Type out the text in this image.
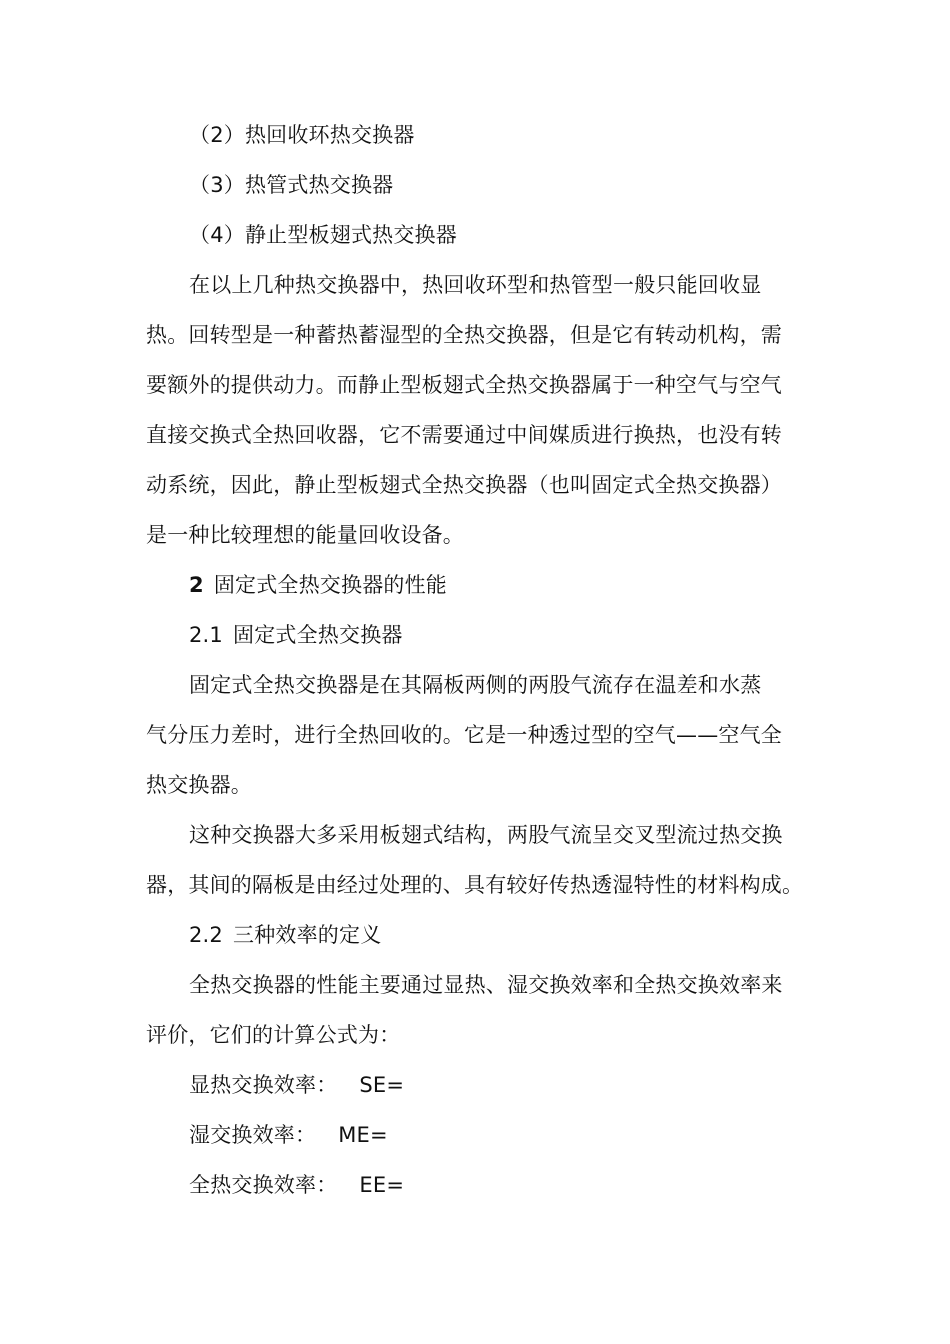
（2）热回收环热交换器
（3）热管式热交换器
（4）静止型板翅式热交换器
在以上几种热交换器中，热回收环型和热管型一般只能回收显
热。回转型是一种蓄热蓄湿型的全热交换器，但是它有转动机构，需
要额外的提供动力。而静止型板翅式全热交换器属于一种空气与空气
直接交换式全热回收器，它不需要通过中间媒质进行换热，也没有转
动系统，因此，静止型板翅式全热交换器（也叫固定式全热交换器）
是一种比较理想的能量回收设备。
2 固定式全热交换器的性能
2.1 固定式全热交换器
固定式全热交换器是在其隔板两侧的两股气流存在温差和水蒸
气分压力差时，进行全热回收的。它是一种透过型的空气——空气全
热交换器。
这种交换器大多采用板翅式结构，两股气流呈交叉型流过热交换
器，其间的隔板是由经过处理的、具有较好传热透湿特性的材料构成。
2.2 三种效率的定义
全热交换器的性能主要通过显热、湿交换效率和全热交换效率来
评价，它们的计算公式为：
显热交换效率： SE=
湿交换效率： ME=
全热交换效率： EE=
